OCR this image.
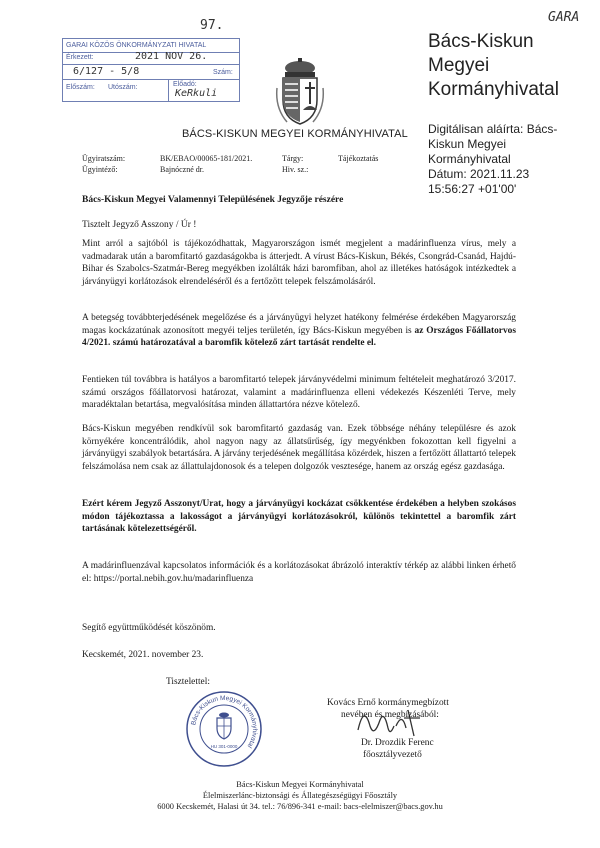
97.
GARA
GARAI KÖZÖS ÖNKORMÁNYZATI HIVATAL
Érkezett:	2021 NOV 26.
6/127 - 5/8	Szám:
Előszám: Utószám:	Előadó:
KeRkuli
Bács-Kiskun
Megyei
Kormányhivatal
Digitálisan aláírta: Bács-
Kiskun Megyei
Kormányhivatal
Dátum: 2021.11.23
15:56:27 +01'00'
BÁCS-KISKUN MEGYEI KORMÁNYHIVATAL
Ügyiratszám:	BK/EBAO/00065-181/2021.
Ügyintéző:	Bajnóczné dr.
Tárgy:	Tájékoztatás
Hiv. sz.:
Bács-Kiskun Megyei Valamennyi Településének Jegyzője részére
Tisztelt Jegyző Asszony / Úr !
Mint arról a sajtóból is tájékozódhattak, Magyarországon ismét megjelent a madárinfluenza vírus, mely a vadmadarak után a baromfitartó gazdaságokba is átterjedt. A vírust Bács-Kiskun, Békés, Csongrád-Csanád, Hajdú-Bihar és Szabolcs-Szatmár-Bereg megyékben izolálták házi baromfiban, ahol az illetékes hatóságok intézkedtek a járványügyi korlátozások elrendeléséről és a fertőzött telepek felszámolásáról.
A betegség továbbterjedésének megelőzése és a járványügyi helyzet hatékony felmérése érdekében Magyarország magas kockázatúnak azonosított megyéi teljes területén, így Bács-Kiskun megyében is az Országos Főállatorvos 4/2021. számú határozatával a baromfik kötelező zárt tartását rendelte el.
Fentieken túl továbbra is hatályos a baromfitartó telepek járványvédelmi minimum feltételeit meghatározó 3/2017. számú országos főállatorvosi határozat, valamint a madárinfluenza elleni védekezés Készenléti Terve, mely maradéktalan betartása, megvalósítása minden állattartóra nézve kötelező.
Bács-Kiskun megyében rendkívül sok baromfitartó gazdaság van. Ezek többsége néhány településre és azok környékére koncentrálódik, ahol nagyon nagy az állatsűrűség, így megyénkben fokozottan kell figyelni a járványügyi szabályok betartására. A járvány terjedésének megállítása közérdek, hiszen a fertőzött állattartó telepek felszámolása nem csak az állattulajdonosok és a telepen dolgozók vesztesége, hanem az ország egész gazdasága.
Ezért kérem Jegyző Asszonyt/Urat, hogy a járványügyi kockázat csökkentése érdekében a helyben szokásos módon tájékoztassa a lakosságot a járványügyi korlátozásokról, különös tekintettel a baromfik zárt tartásának kötelezettségéről.
A madárinfluenzával kapcsolatos információk és a korlátozásokat ábrázoló interaktív térkép az alábbi linken érhető el: https://portal.nebih.gov.hu/madarinfluenza
Segítő együttműködését köszönöm.
Kecskemét, 2021. november 23.
Tisztelettel:
Bács-Kiskun Megyei Kormányhivatal
HU 301-0000
Kovács Ernő kormánymegbízott
nevében és megbízásából:
Dr. Drozdik Ferenc
főosztályvezető
Bács-Kiskun Megyei Kormányhivatal
Élelmiszerlánc-biztonsági és Állategészségügyi Főosztály
6000 Kecskemét, Halasi út 34. tel.: 76/896-341 e-mail: bacs-elelmiszer@bacs.gov.hu
